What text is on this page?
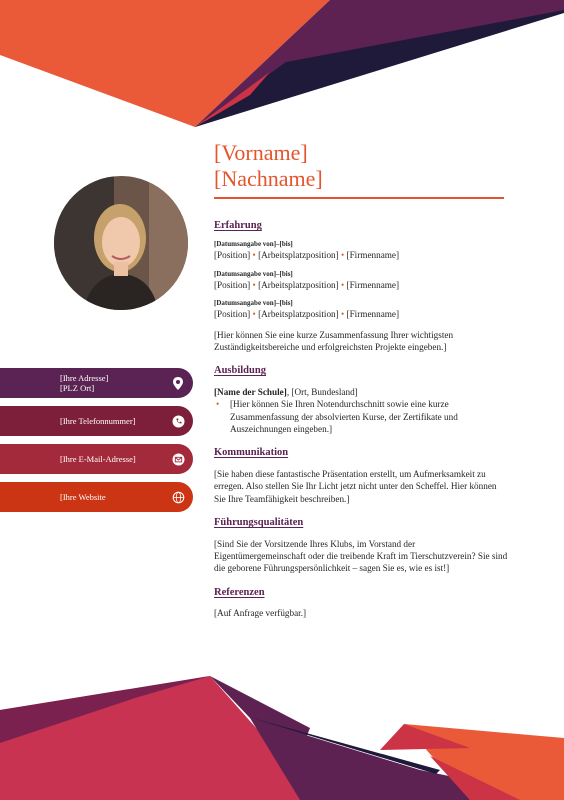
[Ihre Adresse]
[PLZ Ort]
[Ihre Telefonnummer]
[Ihre E-Mail-Adresse]
[Ihre Website
[Vorname]
[Nachname]
Erfahrung

[Datumsangabe von]–[bis]

[Position] • [Arbeitsplatzposition] • [Firmenname]

[Datumsangabe von]–[bis]

[Position] • [Arbeitsplatzposition] • [Firmenname]

[Datumsangabe von]–[bis]

[Position] • [Arbeitsplatzposition] • [Firmenname]

[Hier können Sie eine kurze Zusammenfassung Ihrer wichtigsten Zuständigkeitsbereiche und erfolgreichsten Projekte eingeben.]

Ausbildung

[Name der Schule], [Ort, Bundesland]

• [Hier können Sie Ihren Notendurchschnitt sowie eine kurze Zusammenfassung der absolvierten Kurse, der Zertifikate und Auszeichnungen eingeben.]

Kommunikation

[Sie haben diese fantastische Präsentation erstellt, um Aufmerksamkeit zu erregen. Also stellen Sie Ihr Licht jetzt nicht unter den Scheffel. Hier können Sie Ihre Teamfähigkeit beschreiben.]

Führungsqualitäten

[Sind Sie der Vorsitzende Ihres Klubs, im Vorstand der Eigentümergemeinschaft oder die treibende Kraft im Tierschutzverein? Sie sind die geborene Führungspersönlichkeit – sagen Sie es, wie es ist!]

Referenzen

[Auf Anfrage verfügbar.]
